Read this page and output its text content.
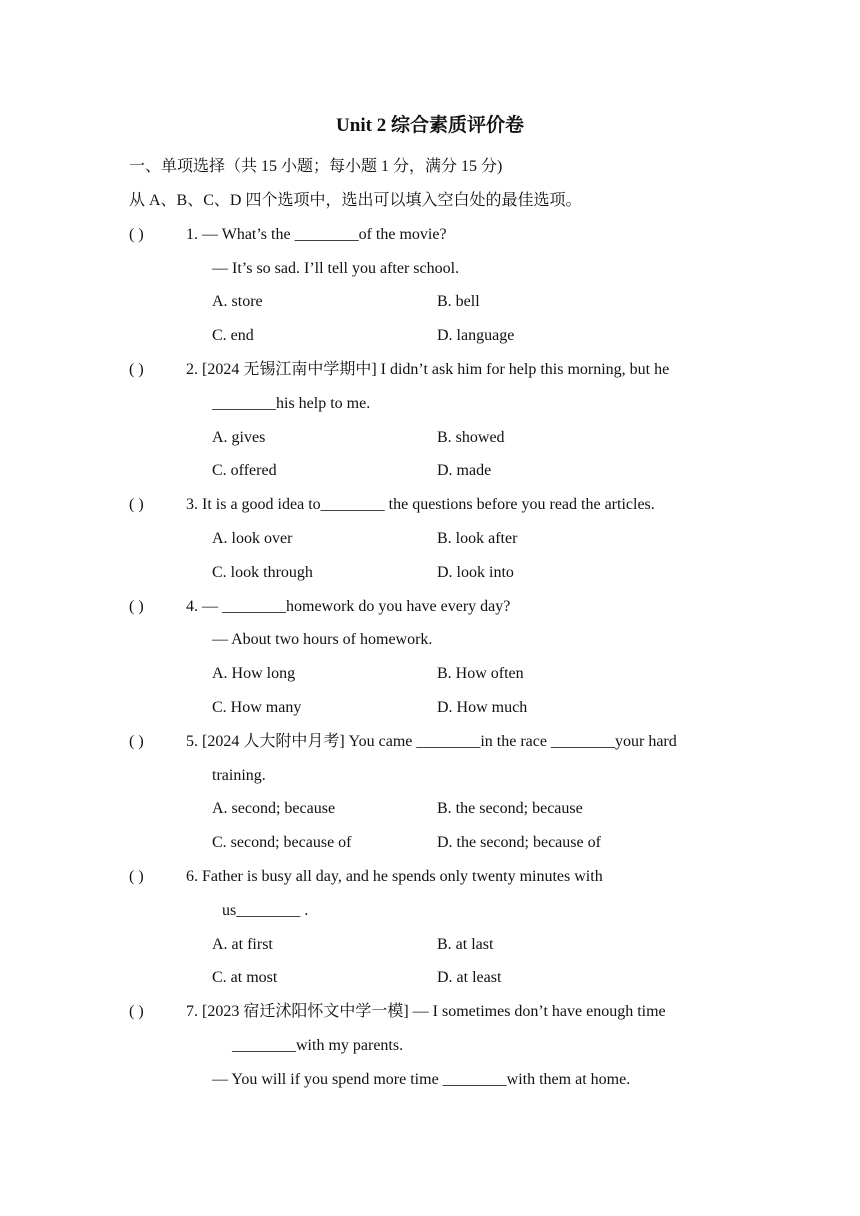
Unit 2 综合素质评价卷
一、单项选择（共 15 小题；每小题 1 分，满分 15 分)
从 A、B、C、D 四个选项中，选出可以填入空白处的最佳选项。
( )	1. ― What’s the ________of the movie?
― It’s so sad. I’ll tell you after school.
A. store	B. bell
C. end	D. language
( )	2. [2024 无锡江南中学期中] I didn’t ask him for help this morning, but he
________his help to me.
A. gives	B. showed
C. offered	D. made
( )	3. It is a good idea to________ the questions before you read the articles.
A. look over	B. look after
C. look through	D. look into
( )	4. ― ________homework do you have every day?
― About two hours of homework.
A. How long	B. How often
C. How many	D. How much
( )	5. [2024 人大附中月考] You came ________in the race ________your hard
training.
A. second; because	B. the second; because
C. second; because of	D. the second; because of
( )	6. Father is busy all day, and he spends only twenty minutes with
us________ .
A. at first	B. at last
C. at most	D. at least
( )	7. [2023 宿迁沭阳怀文中学一模] ― I sometimes don’t have enough time
________with my parents.
― You will if you spend more time ________with them at home.
